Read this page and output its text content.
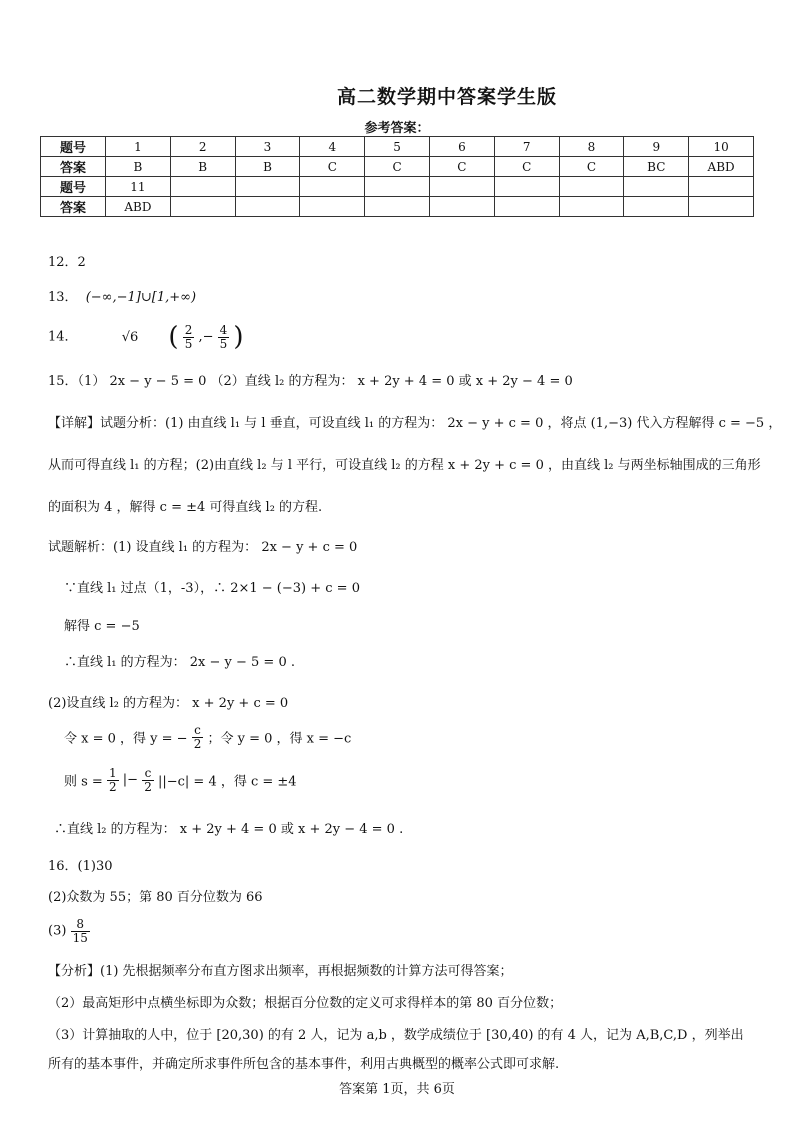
高二数学期中答案学生版
参考答案：
题号	1	2	3	4	5	6	7	8	9	10
答案	B	B	B	C	C	C	C	C	BC	ABD
题号	11									
答案	ABD									
12．2
13． (−∞,−1]∪[1,+∞)
14．	√6 ( $\frac{2}{5}$ ,− $\frac{4}{5}$ )
15．（1） 2x − y − 5 = 0 （2）直线 l₂ 的方程为： x + 2y + 4 = 0 或 x + 2y − 4 = 0
【详解】试题分析：(1) 由直线 l₁ 与 l 垂直，可设直线 l₁ 的方程为： 2x − y + c = 0 ，将点 (1,−3) 代入方程解得 c = −5 ，
从而可得直线 l₁ 的方程；(2)由直线 l₂ 与 l 平行，可设直线 l₂ 的方程 x + 2y + c = 0 ，由直线 l₂ 与两坐标轴围成的三角形
的面积为 4 ，解得 c = ±4 可得直线 l₂ 的方程.
试题解析：(1) 设直线 l₁ 的方程为： 2x − y + c = 0
∵直线 l₁ 过点（1，-3），∴ 2×1 − (−3) + c = 0
解得 c = −5
∴直线 l₁ 的方程为： 2x − y − 5 = 0 .
(2)设直线 l₂ 的方程为： x + 2y + c = 0
令 x = 0 ，得 y = − $\frac{c}{2}$ ；令 y = 0 ，得 x = −c
则 $s = \frac{1}{2}$ |− $\frac{c}{2} ||-c| = 4$ ，得 c = ±4
∴直线 l₂ 的方程为： x + 2y + 4 = 0 或 x + 2y − 4 = 0 .
16．(1)30
(2)众数为 55；第 80 百分位数为 66
$(3) \frac{8}{15}$
【分析】(1) 先根据频率分布直方图求出频率，再根据频数的计算方法可得答案；
（2）最高矩形中点横坐标即为众数；根据百分位数的定义可求得样本的第 80 百分位数；
（3）计算抽取的人中，位于 [20,30) 的有 2 人，记为 a,b ，数学成绩位于 [30,40) 的有 4 人，记为 A,B,C,D ，列举出
所有的基本事件，并确定所求事件所包含的基本事件，利用古典概型的概率公式即可求解.
答案第 1页，共 6页
